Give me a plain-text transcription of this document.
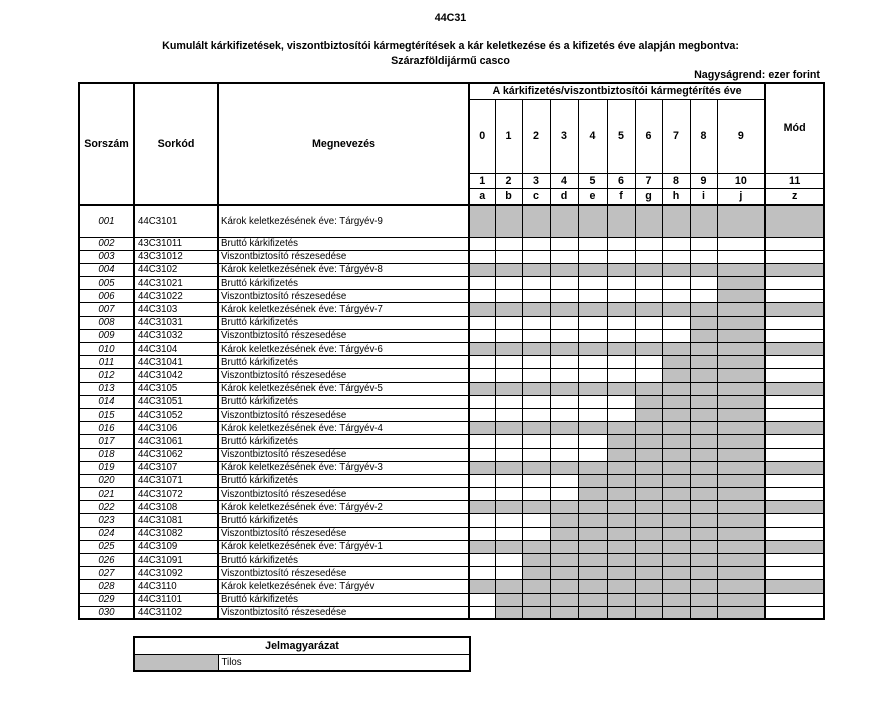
44C31
Kumulált kárkifizetések, viszontbiztosítói kármegtérítések a kár keletkezése és a kifizetés éve alapján megbontva:
Szárazföldijármű casco
Nagyságrend: ezer forint
Sorszám	Sorkód	Megnevezés	A kárkifizetés/viszontbiztosítói kármegtérítés éve										Mód
			0	1	2	3	4	5	6	7	8	9	
			1	2	3	4	5	6	7	8	9	10	11
			a	b	c	d	e	f	g	h	i	j	z
001	44C3101	Károk keletkezésének éve: Tárgyév-9											
002	43C31011	Bruttó kárkifizetés											
003	43C31012	Viszontbiztosító részesedése											
004	44C3102	Károk keletkezésének éve: Tárgyév-8											
005	44C31021	Bruttó kárkifizetés											
006	44C31022	Viszontbiztosító részesedése											
007	44C3103	Károk keletkezésének éve: Tárgyév-7											
008	44C31031	Bruttó kárkifizetés											
009	44C31032	Viszontbiztosító részesedése											
010	44C3104	Károk keletkezésének éve: Tárgyév-6											
011	44C31041	Bruttó kárkifizetés											
012	44C31042	Viszontbiztosító részesedése											
013	44C3105	Károk keletkezésének éve: Tárgyév-5											
014	44C31051	Bruttó kárkifizetés											
015	44C31052	Viszontbiztosító részesedése											
016	44C3106	Károk keletkezésének éve: Tárgyév-4											
017	44C31061	Bruttó kárkifizetés											
018	44C31062	Viszontbiztosító részesedése											
019	44C3107	Károk keletkezésének éve: Tárgyév-3											
020	44C31071	Bruttó kárkifizetés											
021	44C31072	Viszontbiztosító részesedése											
022	44C3108	Károk keletkezésének éve: Tárgyév-2											
023	44C31081	Bruttó kárkifizetés											
024	44C31082	Viszontbiztosító részesedése											
025	44C3109	Károk keletkezésének éve: Tárgyév-1											
026	44C31091	Bruttó kárkifizetés											
027	44C31092	Viszontbiztosító részesedése											
028	44C3110	Károk keletkezésének éve: Tárgyév											
029	44C31101	Bruttó kárkifizetés											
030	44C31102	Viszontbiztosító részesedése											
Jelmagyarázat
	Tilos
